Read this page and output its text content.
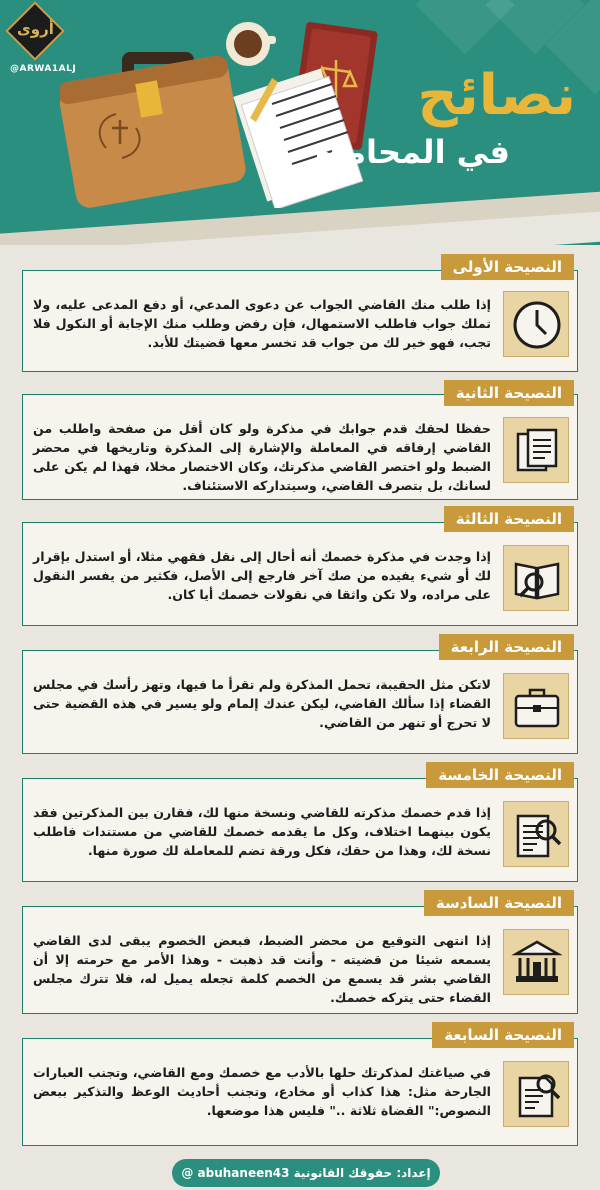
أروى
@ARWA1ALJ	نصائح
في المحاماة
إذا طلب منك القاضي الجواب عن دعوى المدعي، أو دفع المدعى عليه، ولا تملك جواب فاطلب الاستمهال، فإن رفض وطلب منك الإجابة أو النكول فلا تجب، فهو خير لك من جواب قد تخسر معها قضيتك للأبد.
النصيحة الأولى
حفظا لحقك قدم جوابك في مذكرة ولو كان أقل من صفحة واطلب من القاضي إرفاقه في المعاملة والإشارة إلى المذكرة وتاريخها في محضر الضبط ولو اختصر القاضي مذكرتك، وكان الاختصار مخلا، فهذا لم يكن على لسانك، بل بتصرف القاضي، وسيتداركه الاستئناف.
النصيحة الثانية
إذا وجدت في مذكرة خصمك أنه أحال إلى نقل فقهي مثلا، أو استدل بإقرار لك أو شيء يفيده من صك آخر فارجع إلى الأصل، فكثير من يفسر النقول على مراده، ولا تكن واثقا في نقولات خصمك أيا كان.
النصيحة الثالثة
لاتكن مثل الحقيبة، تحمل المذكرة ولم تقرأ ما فيها، وتهز رأسك في مجلس القضاء إذا سألك القاضي، ليكن عندك إلمام ولو يسير في هذه القضية حتى لا تحرج أو تنهر من القاضي.
النصيحة الرابعة
إذا قدم خصمك مذكرته للقاضي ونسخة منها لك، فقارن بين المذكرتين فقد يكون بينهما اختلاف، وكل ما يقدمه خصمك للقاضي من مستندات فاطلب نسخة لك، وهذا من حقك، فكل ورقة تضم للمعاملة لك صورة منها.
النصيحة الخامسة
إذا انتهى التوقيع من محضر الضبط، فبعض الخصوم يبقى لدى القاضي يسمعه شيئا من قضيته - وأنت قد ذهبت - وهذا الأمر مع حرمته إلا أن القاضي بشر قد يسمع من الخصم كلمة تجعله يميل له، فلا تترك مجلس القضاء حتى يتركه خصمك.
النصيحة السادسة
في صياغتك لمذكرتك حلها بالأدب مع خصمك ومع القاضي، وتجنب العبارات الجارحة مثل: هذا كذاب أو مخادع، وتجنب أحاديث الوعظ والتذكير ببعض النصوص:" القضاة ثلاثة .." فليس هذا موضعها.
النصيحة السابعة
إعداد: حقوقك القانونية abuhaneen43 @
